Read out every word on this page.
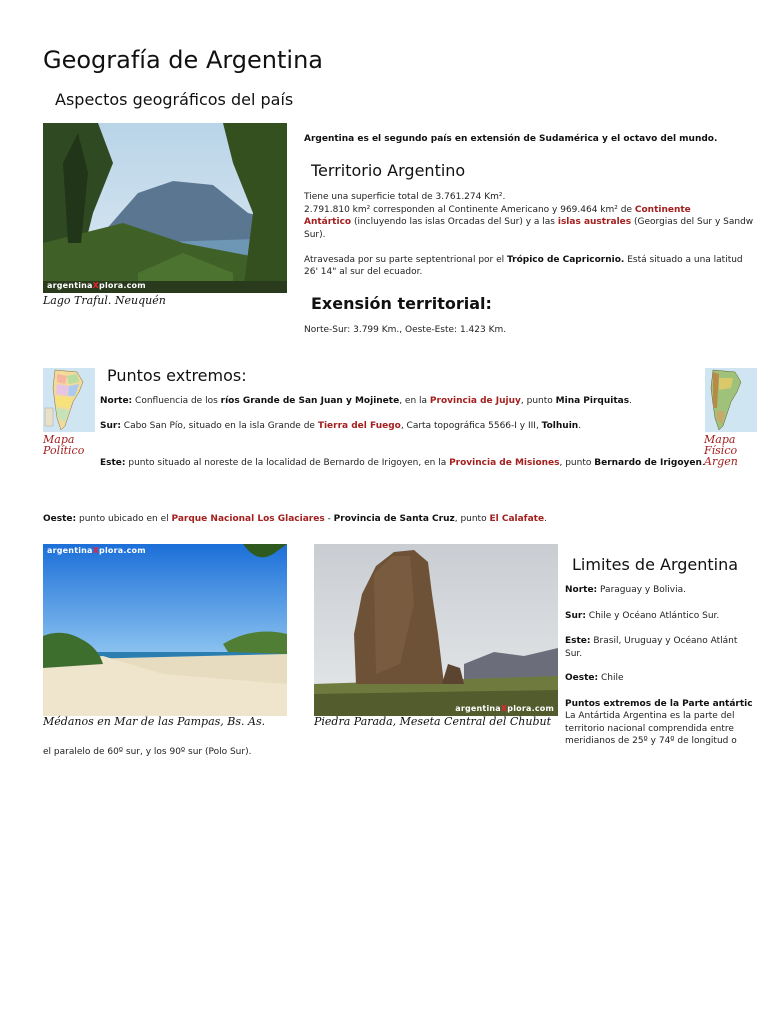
Geografía de Argentina
Aspectos geográficos del país
argentinaXplora.com
Lago Traful. Neuquén
Argentina es el segundo país en extensión de Sudamérica y el octavo del mundo.
Territorio Argentino

Tiene una superficie total de 3.761.274 Km².

2.791.810 km² corresponden al Continente Americano y 969.464 km² de Continente

Antártico (incluyendo las islas Orcadas del Sur) y a las islas australes (Georgias del Sur y Sandw

Sur).

Atravesada por su parte septentrional por el Trópico de Capricornio. Está situado a una latitud

26' 14" al sur del ecuador.

Exensión territorial:
Norte-Sur: 3.799 Km., Oeste-Este: 1.423 Km.
Mapa
Político
Mapa
Físico
Argen
Puntos extremos:
Norte: Confluencia de los ríos Grande de San Juan y Mojinete, en la Provincia de Jujuy, punto Mina Pirquitas.
Sur: Cabo San Pío, situado en la isla Grande de Tierra del Fuego, Carta topográfica 5566-I y III, Tolhuin.
Este: punto situado al noreste de la localidad de Bernardo de Irigoyen, en la Provincia de Misiones, punto Bernardo de Irigoyen.
Oeste: punto ubicado en el Parque Nacional Los Glaciares - Provincia de Santa Cruz, punto El Calafate.
argentinaXplora.com
Médanos en Mar de las Pampas, Bs. As.
argentinaXplora.com
Piedra Parada, Meseta Central del Chubut
Limites de Argentina

Norte: Paraguay y Bolivia.

Sur: Chile y Océano Atlántico Sur.

Este: Brasil, Uruguay y Océano Atlánt

Sur.

Oeste: Chile

Puntos extremos de la Parte antártic

La Antártida Argentina es la parte del

territorio nacional comprendida entre

meridianos de 25º y 74º de longitud o

el paralelo de 60º sur, y los 90º sur (Polo Sur).
